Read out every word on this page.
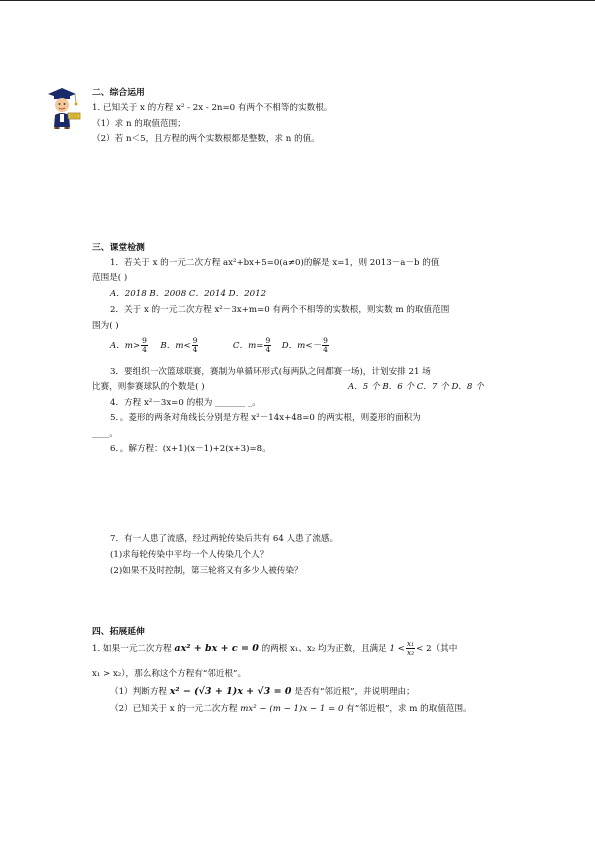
二、综合运用
1. 已知关于 x 的方程 x² - 2x - 2n=0 有两个不相等的实数根。
（1）求 n 的取值范围；
（2）若 n＜5，且方程的两个实数根都是整数，求 n 的值。
三、课堂检测
1．若关于 x 的一元二次方程 ax²+bx+5=0(a≠0)的解是 x=1，则 2013－a－b 的值
范围是( )
A．2018 B．2008 C．2014 D．2012
2．关于 x 的一元二次方程 x²－3x+m=0 有两个不相等的实数根，则实数 m 的取值范围
围为( )
A．$m> \frac{9}{4}$ B．$m< \frac{9}{4}$	C．$m= \frac{9}{4}$ D．$m<- \frac{9}{4}$
3．要组织一次篮球联赛，赛制为单循环形式(每两队之间都赛一场)，计划安排 21 场
比赛，则参赛球队的个数是( )	A．5 个 B．6 个 C．7 个 D．8 个
4．方程 x²－3x=0 的根为 _______ _。
5．。菱形的两条对角线长分别是方程 x²－14x+48=0 的两实根，则菱形的面积为
____。
6．。解方程：(x+1)(x－1)+2(x+3)=8。
7．有一人患了流感，经过两轮传染后共有 64 人患了流感。
(1)求每轮传染中平均一个人传染几个人？
(2)如果不及时控制，第三轮将又有多少人被传染？
四、拓展延伸
1. 如果一元二次方程 ax² + bx + c = 0 的两根 x₁、x₂ 均为正数，且满足 $1 < \frac{\text{x₁}}{\text{x₂}} < 2$（其中
x₁ > x₂），那么称这个方程有“邻近根”。
（1）判断方程 x² − (√3 + 1)x + √3 = 0 是否有“邻近根”，并说明理由；
（2）已知关于 x 的一元二次方程 mx² − (m − 1)x − 1 = 0 有“邻近根”，求 m 的取值范围。
